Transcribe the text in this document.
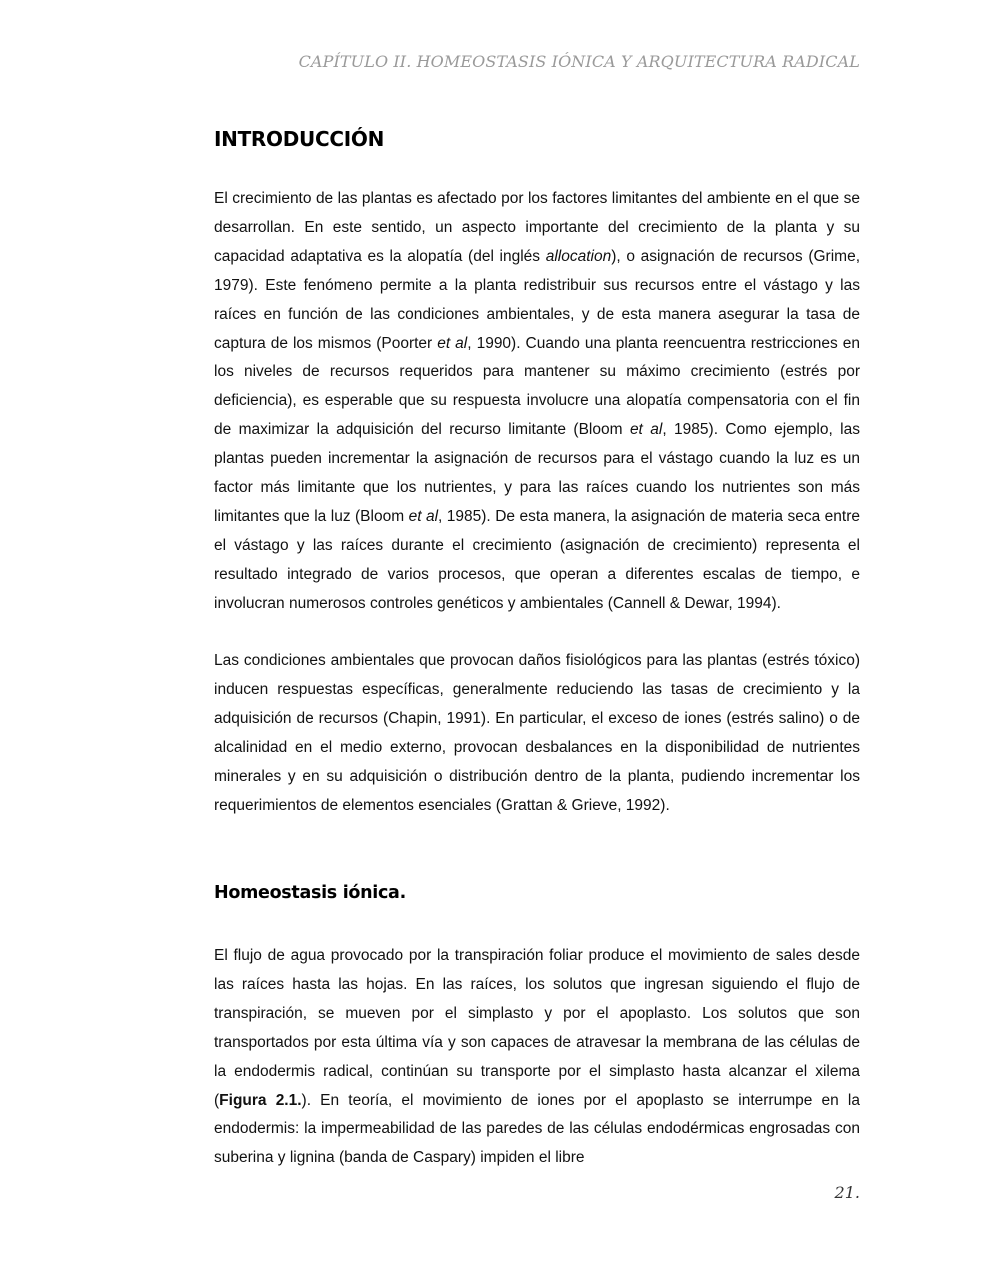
CAPÍTULO II. HOMEOSTASIS IÓNICA Y ARQUITECTURA RADICAL
INTRODUCCIÓN

El crecimiento de las plantas es afectado por los factores limitantes del ambiente en el que se desarrollan. En este sentido, un aspecto importante del crecimiento de la planta y su capacidad adaptativa es la alopatía (del inglés allocation), o asignación de recursos (Grime, 1979). Este fenómeno permite a la planta redistribuir sus recursos entre el vástago y las raíces en función de las condiciones ambientales, y de esta manera asegurar la tasa de captura de los mismos (Poorter et al, 1990). Cuando una planta reencuentra restricciones en los niveles de recursos requeridos para mantener su máximo crecimiento (estrés por deficiencia), es esperable que su respuesta involucre una alopatía compensatoria con el fin de maximizar la adquisición del recurso limitante (Bloom et al, 1985). Como ejemplo, las plantas pueden incrementar la asignación de recursos para el vástago cuando la luz es un factor más limitante que los nutrientes, y para las raíces cuando los nutrientes son más limitantes que la luz (Bloom et al, 1985). De esta manera, la asignación de materia seca entre el vástago y las raíces durante el crecimiento (asignación de crecimiento) representa el resultado integrado de varios procesos, que operan a diferentes escalas de tiempo, e involucran numerosos controles genéticos y ambientales (Cannell & Dewar, 1994).

Las condiciones ambientales que provocan daños fisiológicos para las plantas (estrés tóxico) inducen respuestas específicas, generalmente reduciendo las tasas de crecimiento y la adquisición de recursos (Chapin, 1991). En particular, el exceso de iones (estrés salino) o de alcalinidad en el medio externo, provocan desbalances en la disponibilidad de nutrientes minerales y en su adquisición o distribución dentro de la planta, pudiendo incrementar los requerimientos de elementos esenciales (Grattan & Grieve, 1992).

Homeostasis iónica.

El flujo de agua provocado por la transpiración foliar produce el movimiento de sales desde las raíces hasta las hojas. En las raíces, los solutos que ingresan siguiendo el flujo de transpiración, se mueven por el simplasto y por el apoplasto. Los solutos que son transportados por esta última vía y son capaces de atravesar la membrana de las células de la endodermis radical, continúan su transporte por el simplasto hasta alcanzar el xilema (Figura 2.1.). En teoría, el movimiento de iones por el apoplasto se interrumpe en la endodermis: la impermeabilidad de las paredes de las células endodérmicas engrosadas con suberina y lignina (banda de Caspary) impiden el libre

21.
